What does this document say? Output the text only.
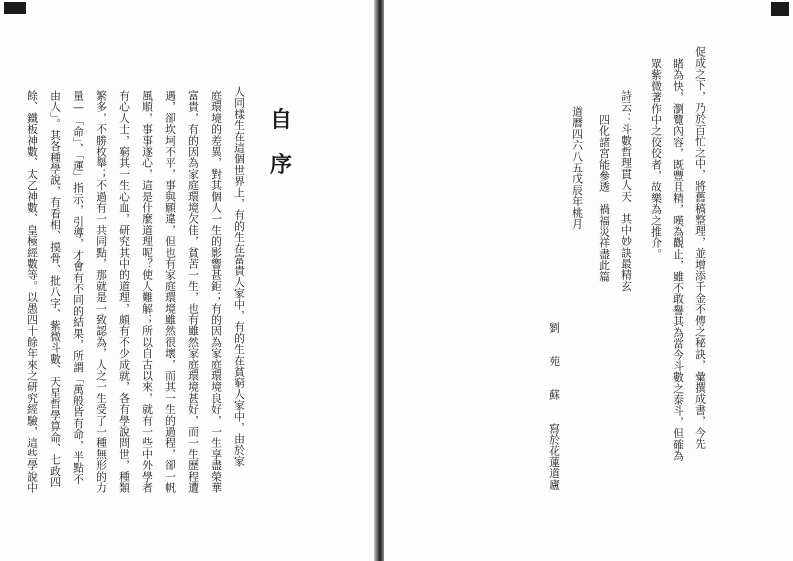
人同樣生在這個世界上，有的生在富貴人家中，有的生在貧窮人家中，由於家
庭環境的差異，對其個人一生的影響甚鉅；有的因為家庭環境良好，一生享盡榮華
富貴，有的因為家庭環境欠佳，貧苦一生，也有雖然家庭環境甚好，而一生歷程遭
遇，卻坎坷不平，事與願違，但也有家庭環境雖然很壞，而其一生的過程，卻一帆
風順，事事遂心，這是什麼道理呢？使人難解；所以自古以來，就有一些中外學者
有心人士，窮其一生心血，研究其中的道理，頗有不少成就，各有學說問世，種類
繁多，不勝枚舉；不過有一共同點，那就是一致認為，人之一生受了一種無形的力
量—「命」、「運」指示，引導，才會有不同的結果，所謂「萬般皆有命，半點不
由人」。其各種學說，有看相、摸骨、批八字、紫微斗數、天星哲學算命、七政四
餘、鐵板神數、太乙神數、皇極經數等。以愚四十餘年來之研究經驗，這些學說中	自
序	促成之下，乃於百忙之中，將舊稿整理，並增添千金不傳之秘訣，彙撰成書，今先
睹為快，瀏覽內容，既豐且精，嘆為觀止，雖不敢譽其為當今斗數之泰斗，但確為
眾紫微著作中之佼佼者，故樂為之推介。
詩云：斗數哲理貫人天　其中妙訣最精玄
四化諸宮能參透　禍福災祥盡此篇
道曆四六八五戊辰年桃月
劉　　苑　　蘇　　寫於花蓮道廬
